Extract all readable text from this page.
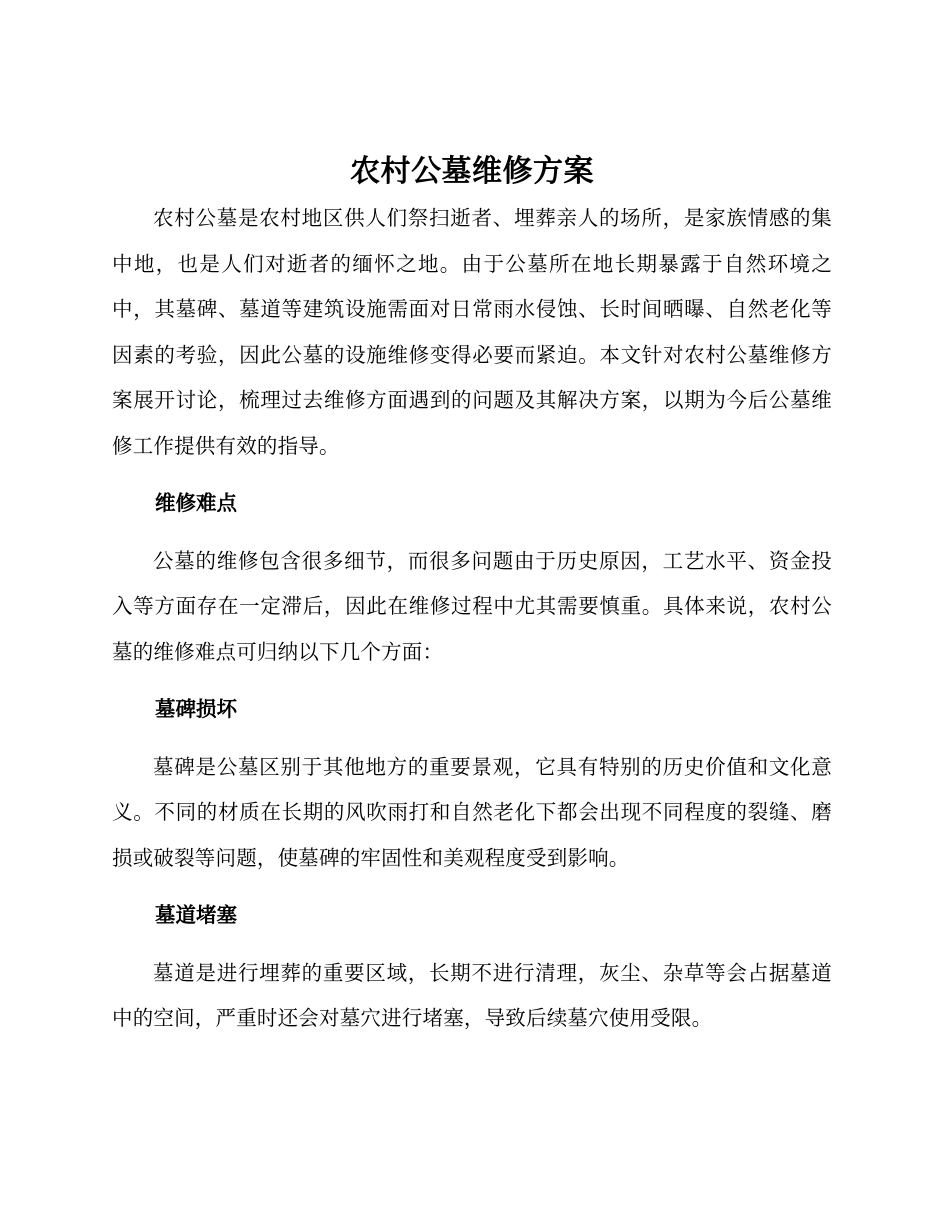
农村公墓维修方案

农村公墓是农村地区供人们祭扫逝者、埋葬亲人的场所，是家族情感的集中地，也是人们对逝者的缅怀之地。由于公墓所在地长期暴露于自然环境之中，其墓碑、墓道等建筑设施需面对日常雨水侵蚀、长时间晒曝、自然老化等因素的考验，因此公墓的设施维修变得必要而紧迫。本文针对农村公墓维修方案展开讨论，梳理过去维修方面遇到的问题及其解决方案，以期为今后公墓维修工作提供有效的指导。

维修难点

公墓的维修包含很多细节，而很多问题由于历史原因，工艺水平、资金投入等方面存在一定滞后，因此在维修过程中尤其需要慎重。具体来说，农村公墓的维修难点可归纳以下几个方面：

墓碑损坏

墓碑是公墓区别于其他地方的重要景观，它具有特别的历史价值和文化意义。不同的材质在长期的风吹雨打和自然老化下都会出现不同程度的裂缝、磨损或破裂等问题，使墓碑的牢固性和美观程度受到影响。

墓道堵塞

墓道是进行埋葬的重要区域，长期不进行清理，灰尘、杂草等会占据墓道中的空间，严重时还会对墓穴进行堵塞，导致后续墓穴使用受限。
